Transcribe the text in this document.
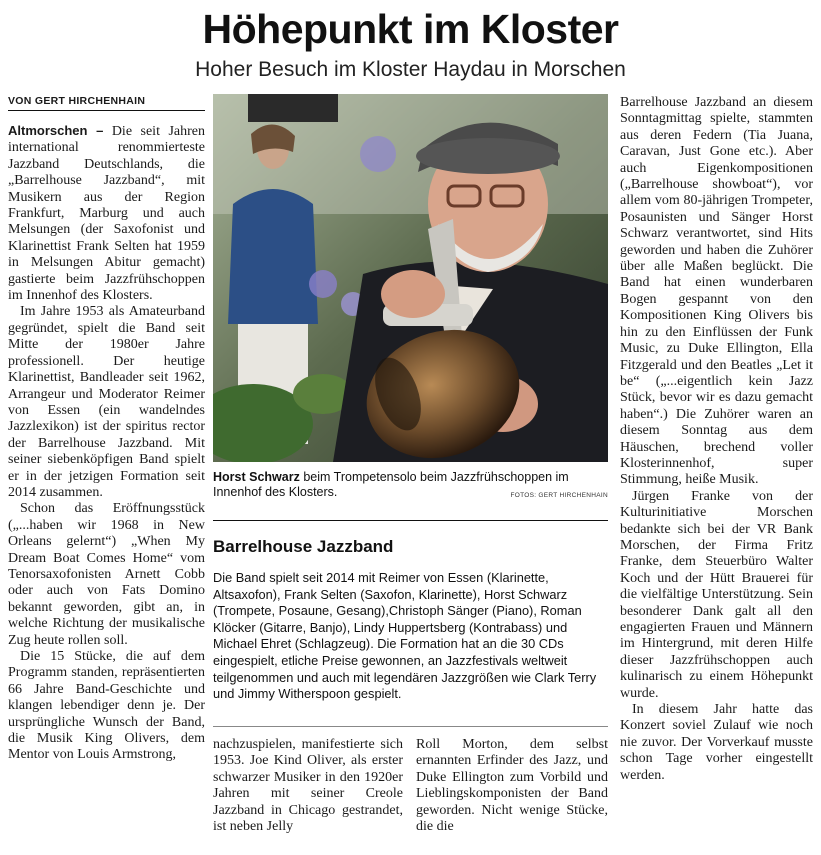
Höhepunkt im Kloster
Hoher Besuch im Kloster Haydau in Morschen
VON GERT HIRCHENHAIN

Altmorschen – Die seit Jahren international renommierteste Jazzband Deutschlands, die „Barrelhouse Jazzband“, mit Musikern aus der Region Frankfurt, Marburg und auch Melsungen (der Saxofonist und Klarinettist Frank Selten hat 1959 in Melsungen Abitur gemacht) gastierte beim Jazzfrühschoppen im Innenhof des Klosters.

Im Jahre 1953 als Amateurband gegründet, spielt die Band seit Mitte der 1980er Jahre professionell. Der heutige Klarinettist, Bandleader seit 1962, Arrangeur und Moderator Reimer von Essen (ein wandelndes Jazzlexikon) ist der spiritus rector der Barrelhouse Jazzband. Mit seiner siebenköpfigen Band spielt er in der jetzigen Formation seit 2014 zusammen.

Schon das Eröffnungsstück („...haben wir 1968 in New Orleans gelernt“) „When My Dream Boat Comes Home“ vom Tenorsaxofonisten Arnett Cobb oder auch von Fats Domino bekannt geworden, gibt an, in welche Richtung der musikalische Zug heute rollen soll.

Die 15 Stücke, die auf dem Programm standen, repräsentierten 66 Jahre Band-Geschichte und klangen lebendiger denn je. Der ursprüngliche Wunsch der Band, die Musik King Olivers, dem Mentor von Louis Armstrong,

Horst Schwarz beim Trompetensolo beim Jazzfrühschoppen im Innenhof des Klosters.	FOTOS: GERT HIRCHENHAIN
Barrelhouse Jazzband
Die Band spielt seit 2014 mit Reimer von Essen (Klarinette, Altsaxofon), Frank Selten (Saxofon, Klarinette), Horst Schwarz (Trompete, Posaune, Gesang),Christoph Sänger (Piano), Roman Klöcker (Gitarre, Banjo), Lindy Huppertsberg (Kontrabass) und Michael Ehret (Schlagzeug). Die Formation hat an die 30 CDs eingespielt, etliche Preise gewonnen, an Jazzfestivals weltweit teilgenommen und auch mit legendären Jazzgrößen wie Clark Terry und Jimmy Witherspoon gespielt.

nachzuspielen, manifestierte sich 1953. Joe Kind Oliver, als erster schwarzer Musiker in den 1920er Jahren mit seiner Creole Jazzband in Chicago gestrandet, ist neben Jelly

Roll Morton, dem selbst ernannten Erfinder des Jazz, und Duke Ellington zum Vorbild und Lieblingskomponisten der Band geworden. Nicht wenige Stücke, die die

Barrelhouse Jazzband an diesem Sonntagmittag spielte, stammten aus deren Federn (Tia Juana, Caravan, Just Gone etc.). Aber auch Eigenkompositionen („Barrelhouse showboat“), vor allem vom 80-jährigen Trompeter, Posaunisten und Sänger Horst Schwarz verantwortet, sind Hits geworden und haben die Zuhörer über alle Maßen beglückt. Die Band hat einen wunderbaren Bogen gespannt von den Kompositionen King Olivers bis hin zu den Einflüssen der Funk Music, zu Duke Ellington, Ella Fitzgerald und den Beatles „Let it be“ („...eigentlich kein Jazz Stück, bevor wir es dazu gemacht haben“.) Die Zuhörer waren an diesem Sonntag aus dem Häuschen, brechend voller Klosterinnenhof, super Stimmung, heiße Musik.

Jürgen Franke von der Kulturinitiative Morschen bedankte sich bei der VR Bank Morschen, der Firma Fritz Franke, dem Steuerbüro Walter Koch und der Hütt Brauerei für die vielfältige Unterstützung. Sein besonderer Dank galt all den engagierten Frauen und Männern im Hintergrund, mit deren Hilfe dieser Jazzfrühschoppen auch kulinarisch zu einem Höhepunkt wurde.

In diesem Jahr hatte das Konzert soviel Zulauf wie noch nie zuvor. Der Vorverkauf musste schon Tage vorher eingestellt werden.
